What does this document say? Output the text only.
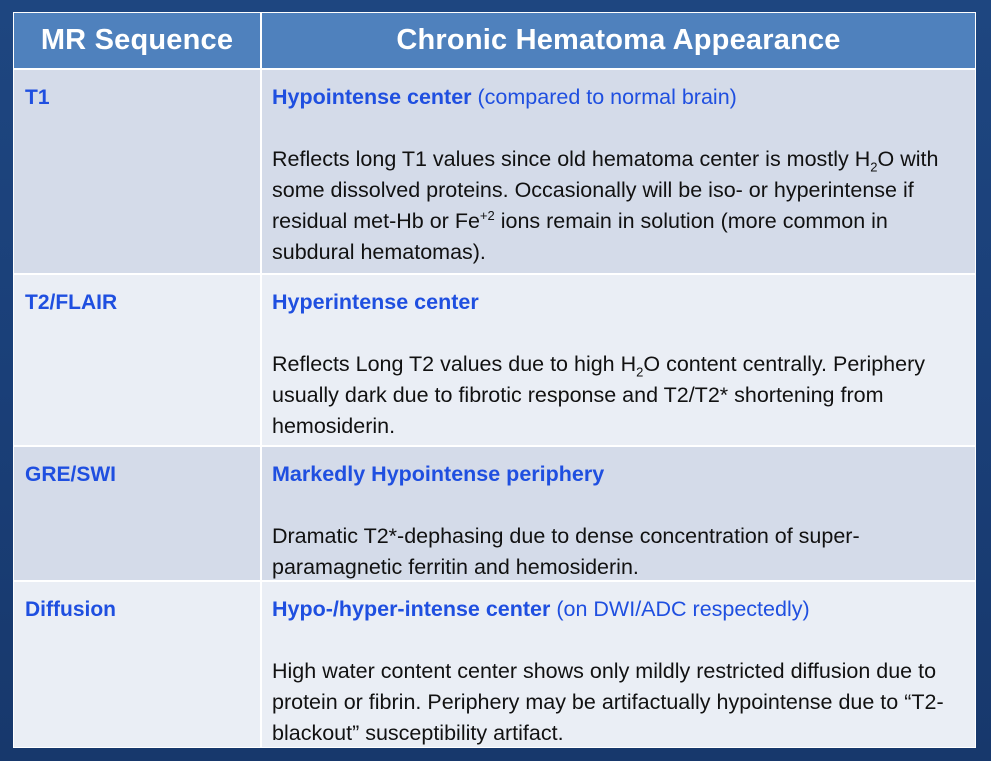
MR Sequence	Chronic Hematoma Appearance
T1	Hypointense center (compared to normal brain)

Reflects long T1 values since old hematoma center is mostly $H_2O$ with some dissolved proteins. Occasionally will be iso- or hyperintense if residual met-Hb or $Fe^{+2}$ ions remain in solution (more common in subdural hematomas).

T2/FLAIR	Hyperintense center

Reflects Long T2 values due to high $H_2O$ content centrally. Periphery usually dark due to fibrotic response and T2/T2* shortening from hemosiderin.

GRE/SWI	Markedly Hypointense periphery

Dramatic T2*-dephasing due to dense concentration of super-paramagnetic ferritin and hemosiderin.

Diffusion	Hypo-/hyper-intense center (on DWI/ADC respectedly)

High water content center shows only mildly restricted diffusion due to protein or fibrin. Periphery may be artifactually hypointense due to “T2-blackout” susceptibility artifact.
